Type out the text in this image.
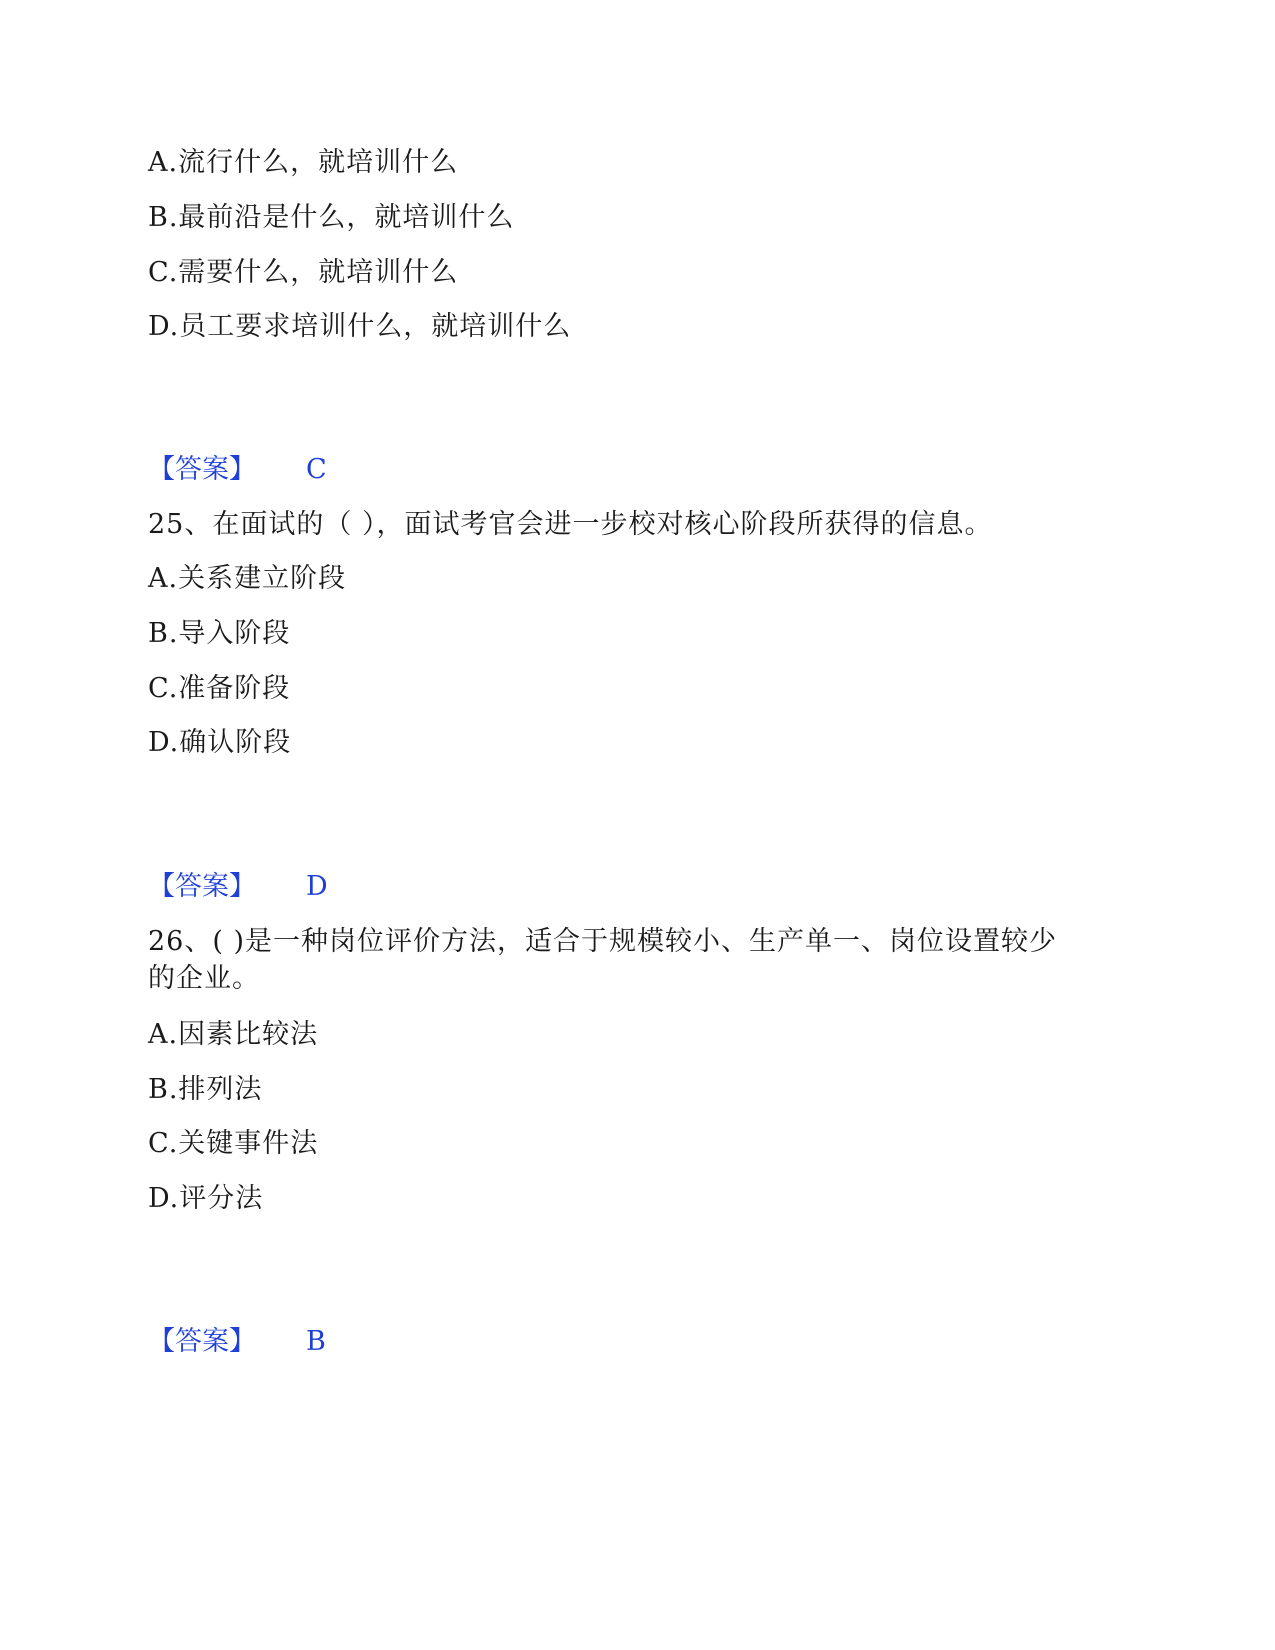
A.流行什么，就培训什么
B.最前沿是什么，就培训什么
C.需要什么，就培训什么
D.员工要求培训什么，就培训什么
【答案】 C
25、在面试的（ ），面试考官会进一步校对核心阶段所获得的信息。
A.关系建立阶段
B.导入阶段
C.准备阶段
D.确认阶段
【答案】 D
26、( )是一种岗位评价方法，适合于规模较小、生产单一、岗位设置较少
的企业。
A.因素比较法
B.排列法
C.关键事件法
D.评分法
【答案】 B
